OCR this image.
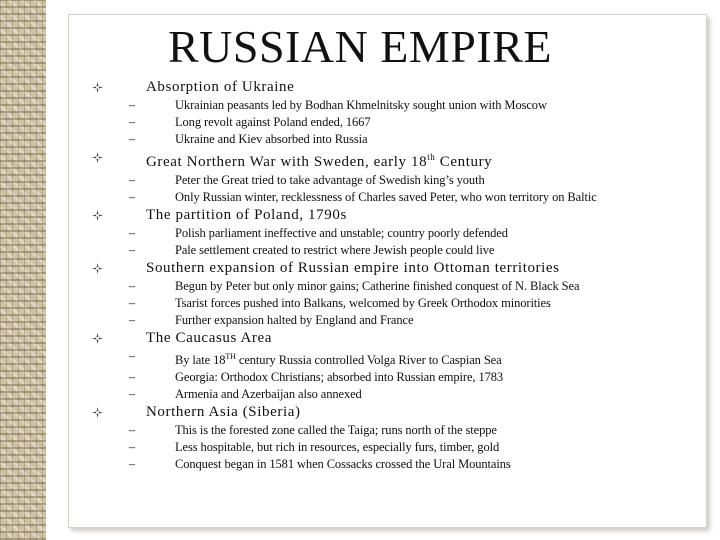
RUSSIAN EMPIRE
Absorption of Ukraine
–	Ukrainian peasants led by Bodhan Khmelnitsky sought union with Moscow
–	Long revolt against Poland ended, 1667
–	Ukraine and Kiev absorbed into Russia
Great Northern War with Sweden, early 18th Century
–	Peter the Great tried to take advantage of Swedish king’s youth
–	Only Russian winter, recklessness of Charles saved Peter, who won territory on Baltic
The partition of Poland, 1790s
–	Polish parliament ineffective and unstable; country poorly defended
–	Pale settlement created to restrict where Jewish people could live
Southern expansion of Russian empire into Ottoman territories
–	Begun by Peter but only minor gains; Catherine finished conquest of N. Black Sea
–	Tsarist forces pushed into Balkans, welcomed by Greek Orthodox minorities
–	Further expansion halted by England and France
The Caucasus Area
–	By late 18TH century Russia controlled Volga River to Caspian Sea
–	Georgia: Orthodox Christians; absorbed into Russian empire, 1783
–	Armenia and Azerbaijan also annexed
Northern Asia (Siberia)
–	This is the forested zone called the Taiga; runs north of the steppe
–	Less hospitable, but rich in resources, especially furs, timber, gold
–	Conquest began in 1581 when Cossacks crossed the Ural Mountains
